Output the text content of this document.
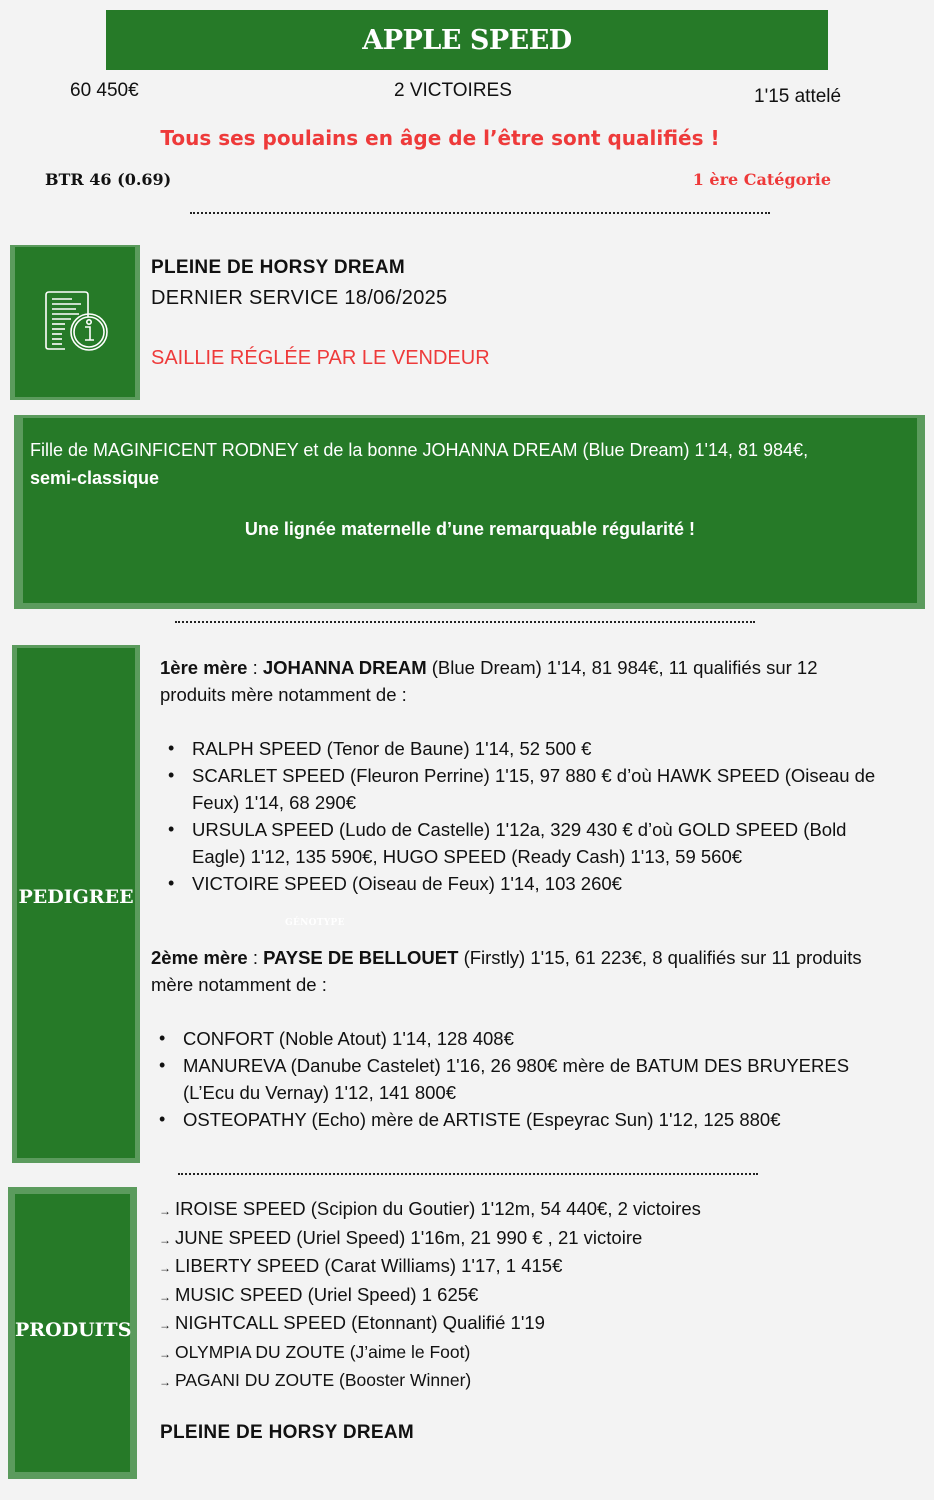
APPLE SPEED
60 450€	2 VICTOIRES	1'15 attelé
Tous ses poulains en âge de l’être sont qualifiés !
BTR 46 (0.69)	1 ère Catégorie
PLEINE DE HORSY DREAM
DERNIER SERVICE 18/06/2025
SAILLIE RÉGLÉE PAR LE VENDEUR
Fille de MAGINFICENT RODNEY et de la bonne JOHANNA DREAM (Blue Dream) 1'14, 81 984€,
semi-classique
Une lignée maternelle d’une remarquable régularité !
PEDIGREE

1ère mère : JOHANNA DREAM (Blue Dream) 1'14, 81 984€, 11 qualifiés sur 12 produits mère notamment de :

• RALPH SPEED (Tenor de Baune) 1'14, 52 500 €
• SCARLET SPEED (Fleuron Perrine) 1'15, 97 880 € d’où HAWK SPEED (Oiseau de Feux) 1'14, 68 290€
• URSULA SPEED (Ludo de Castelle) 1'12a, 329 430 € d’où GOLD SPEED (Bold Eagle) 1'12, 135 590€, HUGO SPEED (Ready Cash) 1'13, 59 560€
• VICTOIRE SPEED (Oiseau de Feux) 1'14, 103 260€
GÉNOTYPE

2ème mère : PAYSE DE BELLOUET (Firstly) 1'15, 61 223€, 8 qualifiés sur 11 produits mère notamment de :

• CONFORT (Noble Atout) 1'14, 128 408€
• MANUREVA (Danube Castelet) 1'16, 26 980€ mère de BATUM DES BRUYERES (L’Ecu du Vernay) 1'12, 141 800€
• OSTEOPATHY (Echo) mère de ARTISTE (Espeyrac Sun) 1'12, 125 880€
PRODUITS
→ IROISE SPEED (Scipion du Goutier) 1'12m, 54 440€, 2 victoires
→ JUNE SPEED (Uriel Speed) 1'16m, 21 990 € , 21 victoire
→ LIBERTY SPEED (Carat Williams) 1'17, 1 415€
→ MUSIC SPEED (Uriel Speed) 1 625€
→ NIGHTCALL SPEED (Etonnant) Qualifié 1'19
→ OLYMPIA DU ZOUTE (J’aime le Foot)
→ PAGANI DU ZOUTE (Booster Winner)
PLEINE DE HORSY DREAM
